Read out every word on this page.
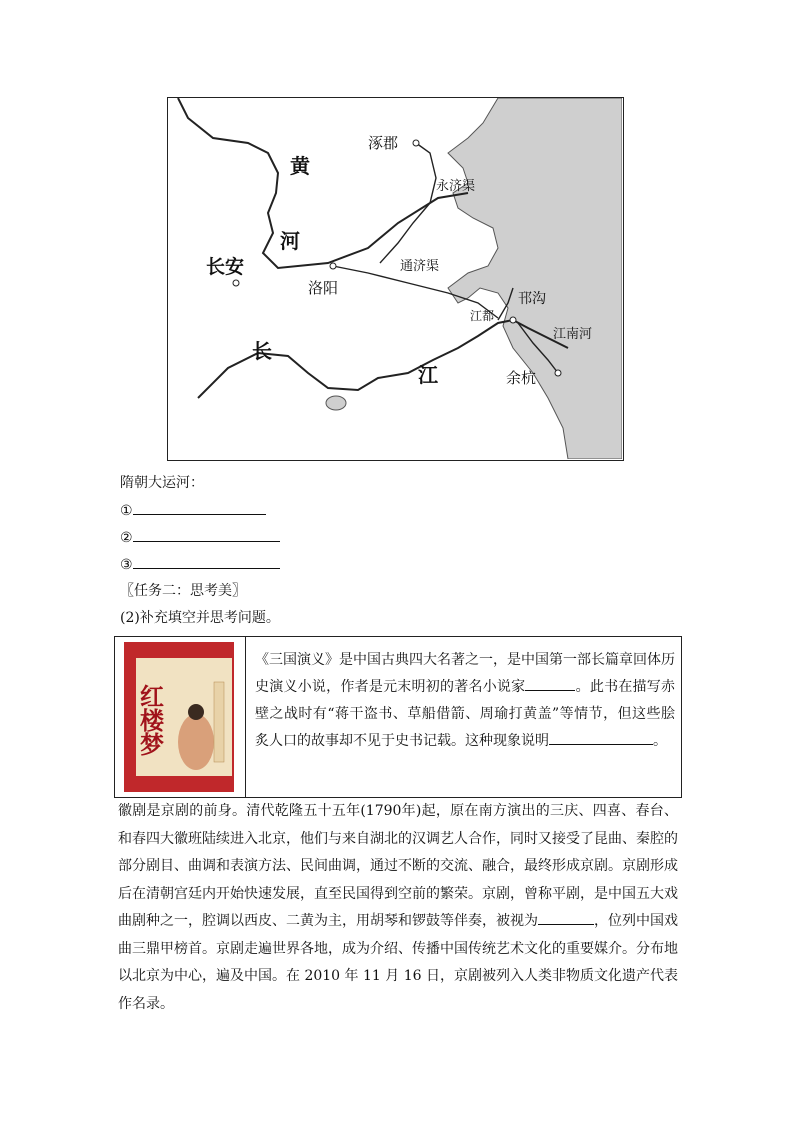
涿郡
永济渠
黄
河
长安
洛阳
通济渠
邗沟
江都
江南河
长
江	余杭
隋朝大运河：
①
②
③
〖任务二：思考美〗
(2)补充填空并思考问题。
红楼梦
《三国演义》是中国古典四大名著之一，是中国第一部长篇章回体历史演义小说，作者是元末明初的著名小说家	。此书在描写赤壁之战时有“蒋干盗书、草船借箭、周瑜打黄盖”等情节，但这些脍炙人口的故事却不见于史书记载。这种现象说明	。
徽剧是京剧的前身。清代乾隆五十五年(1790年)起，原在南方演出的三庆、四喜、春台、和春四大徽班陆续进入北京，他们与来自湖北的汉调艺人合作，同时又接受了昆曲、秦腔的部分剧目、曲调和表演方法、民间曲调，通过不断的交流、融合，最终形成京剧。京剧形成后在清朝宫廷内开始快速发展，直至民国得到空前的繁荣。京剧，曾称平剧，是中国五大戏曲剧种之一，腔调以西皮、二黄为主，用胡琴和锣鼓等伴奏，被视为	，位列中国戏曲三鼎甲榜首。京剧走遍世界各地，成为介绍、传播中国传统艺术文化的重要媒介。分布地以北京为中心，遍及中国。在 2010 年 11 月 16 日，京剧被列入人类非物质文化遗产代表作名录。
